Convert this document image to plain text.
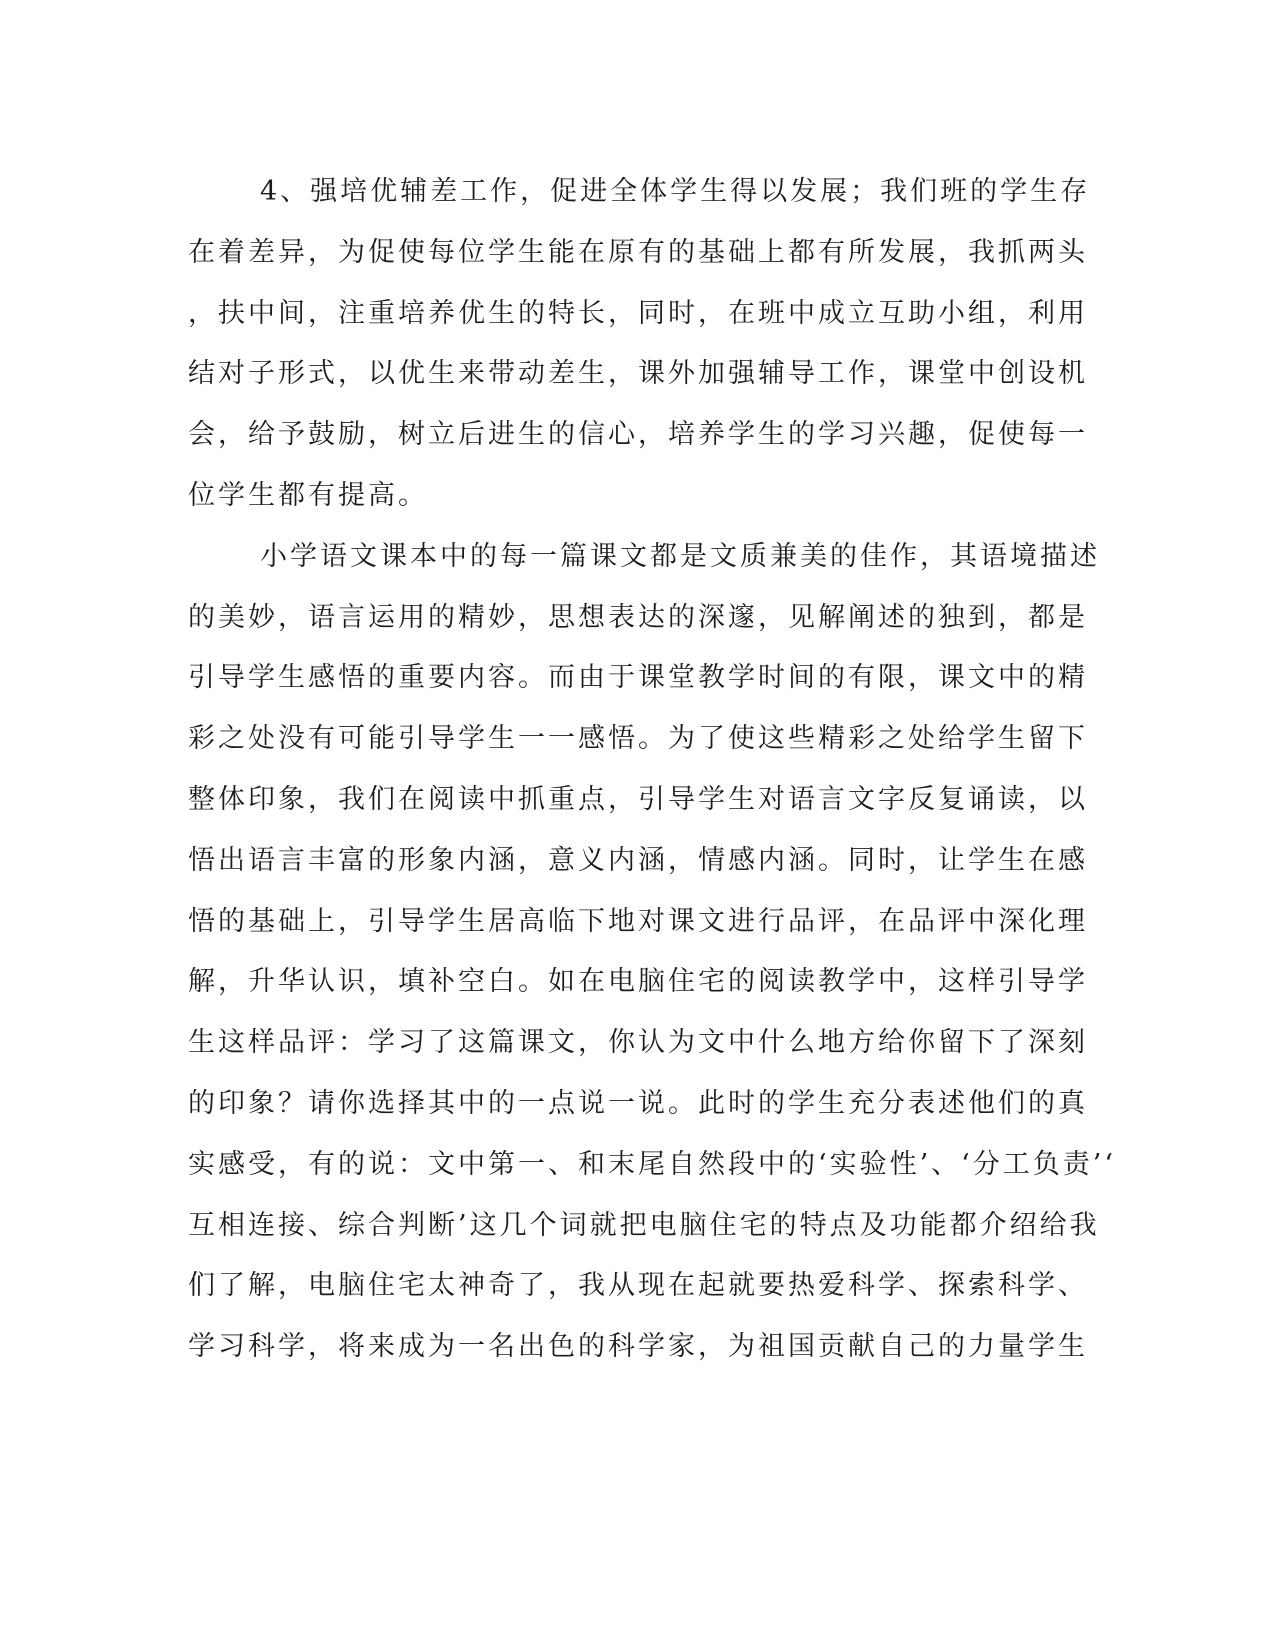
4、强培优辅差工作，促进全体学生得以发展；我们班的学生存
在着差异，为促使每位学生能在原有的基础上都有所发展，我抓两头
，扶中间，注重培养优生的特长，同时，在班中成立互助小组，利用
结对子形式，以优生来带动差生，课外加强辅导工作，课堂中创设机
会，给予鼓励，树立后进生的信心，培养学生的学习兴趣，促使每一
位学生都有提高。
小学语文课本中的每一篇课文都是文质兼美的佳作，其语境描述
的美妙，语言运用的精妙，思想表达的深邃，见解阐述的独到，都是
引导学生感悟的重要内容。而由于课堂教学时间的有限，课文中的精
彩之处没有可能引导学生一一感悟。为了使这些精彩之处给学生留下
整体印象，我们在阅读中抓重点，引导学生对语言文字反复诵读，以
悟出语言丰富的形象内涵，意义内涵，情感内涵。同时，让学生在感
悟的基础上，引导学生居高临下地对课文进行品评，在品评中深化理
解，升华认识，填补空白。如在电脑住宅的阅读教学中，这样引导学
生这样品评：学习了这篇课文，你认为文中什么地方给你留下了深刻
的印象？请你选择其中的一点说一说。此时的学生充分表述他们的真
实感受，有的说：文中第一、和末尾自然段中的‘实验性’、‘分工负责’‘
互相连接、综合判断’这几个词就把电脑住宅的特点及功能都介绍给我
们了解，电脑住宅太神奇了，我从现在起就要热爱科学、探索科学、
学习科学，将来成为一名出色的科学家，为祖国贡献自己的力量学生
